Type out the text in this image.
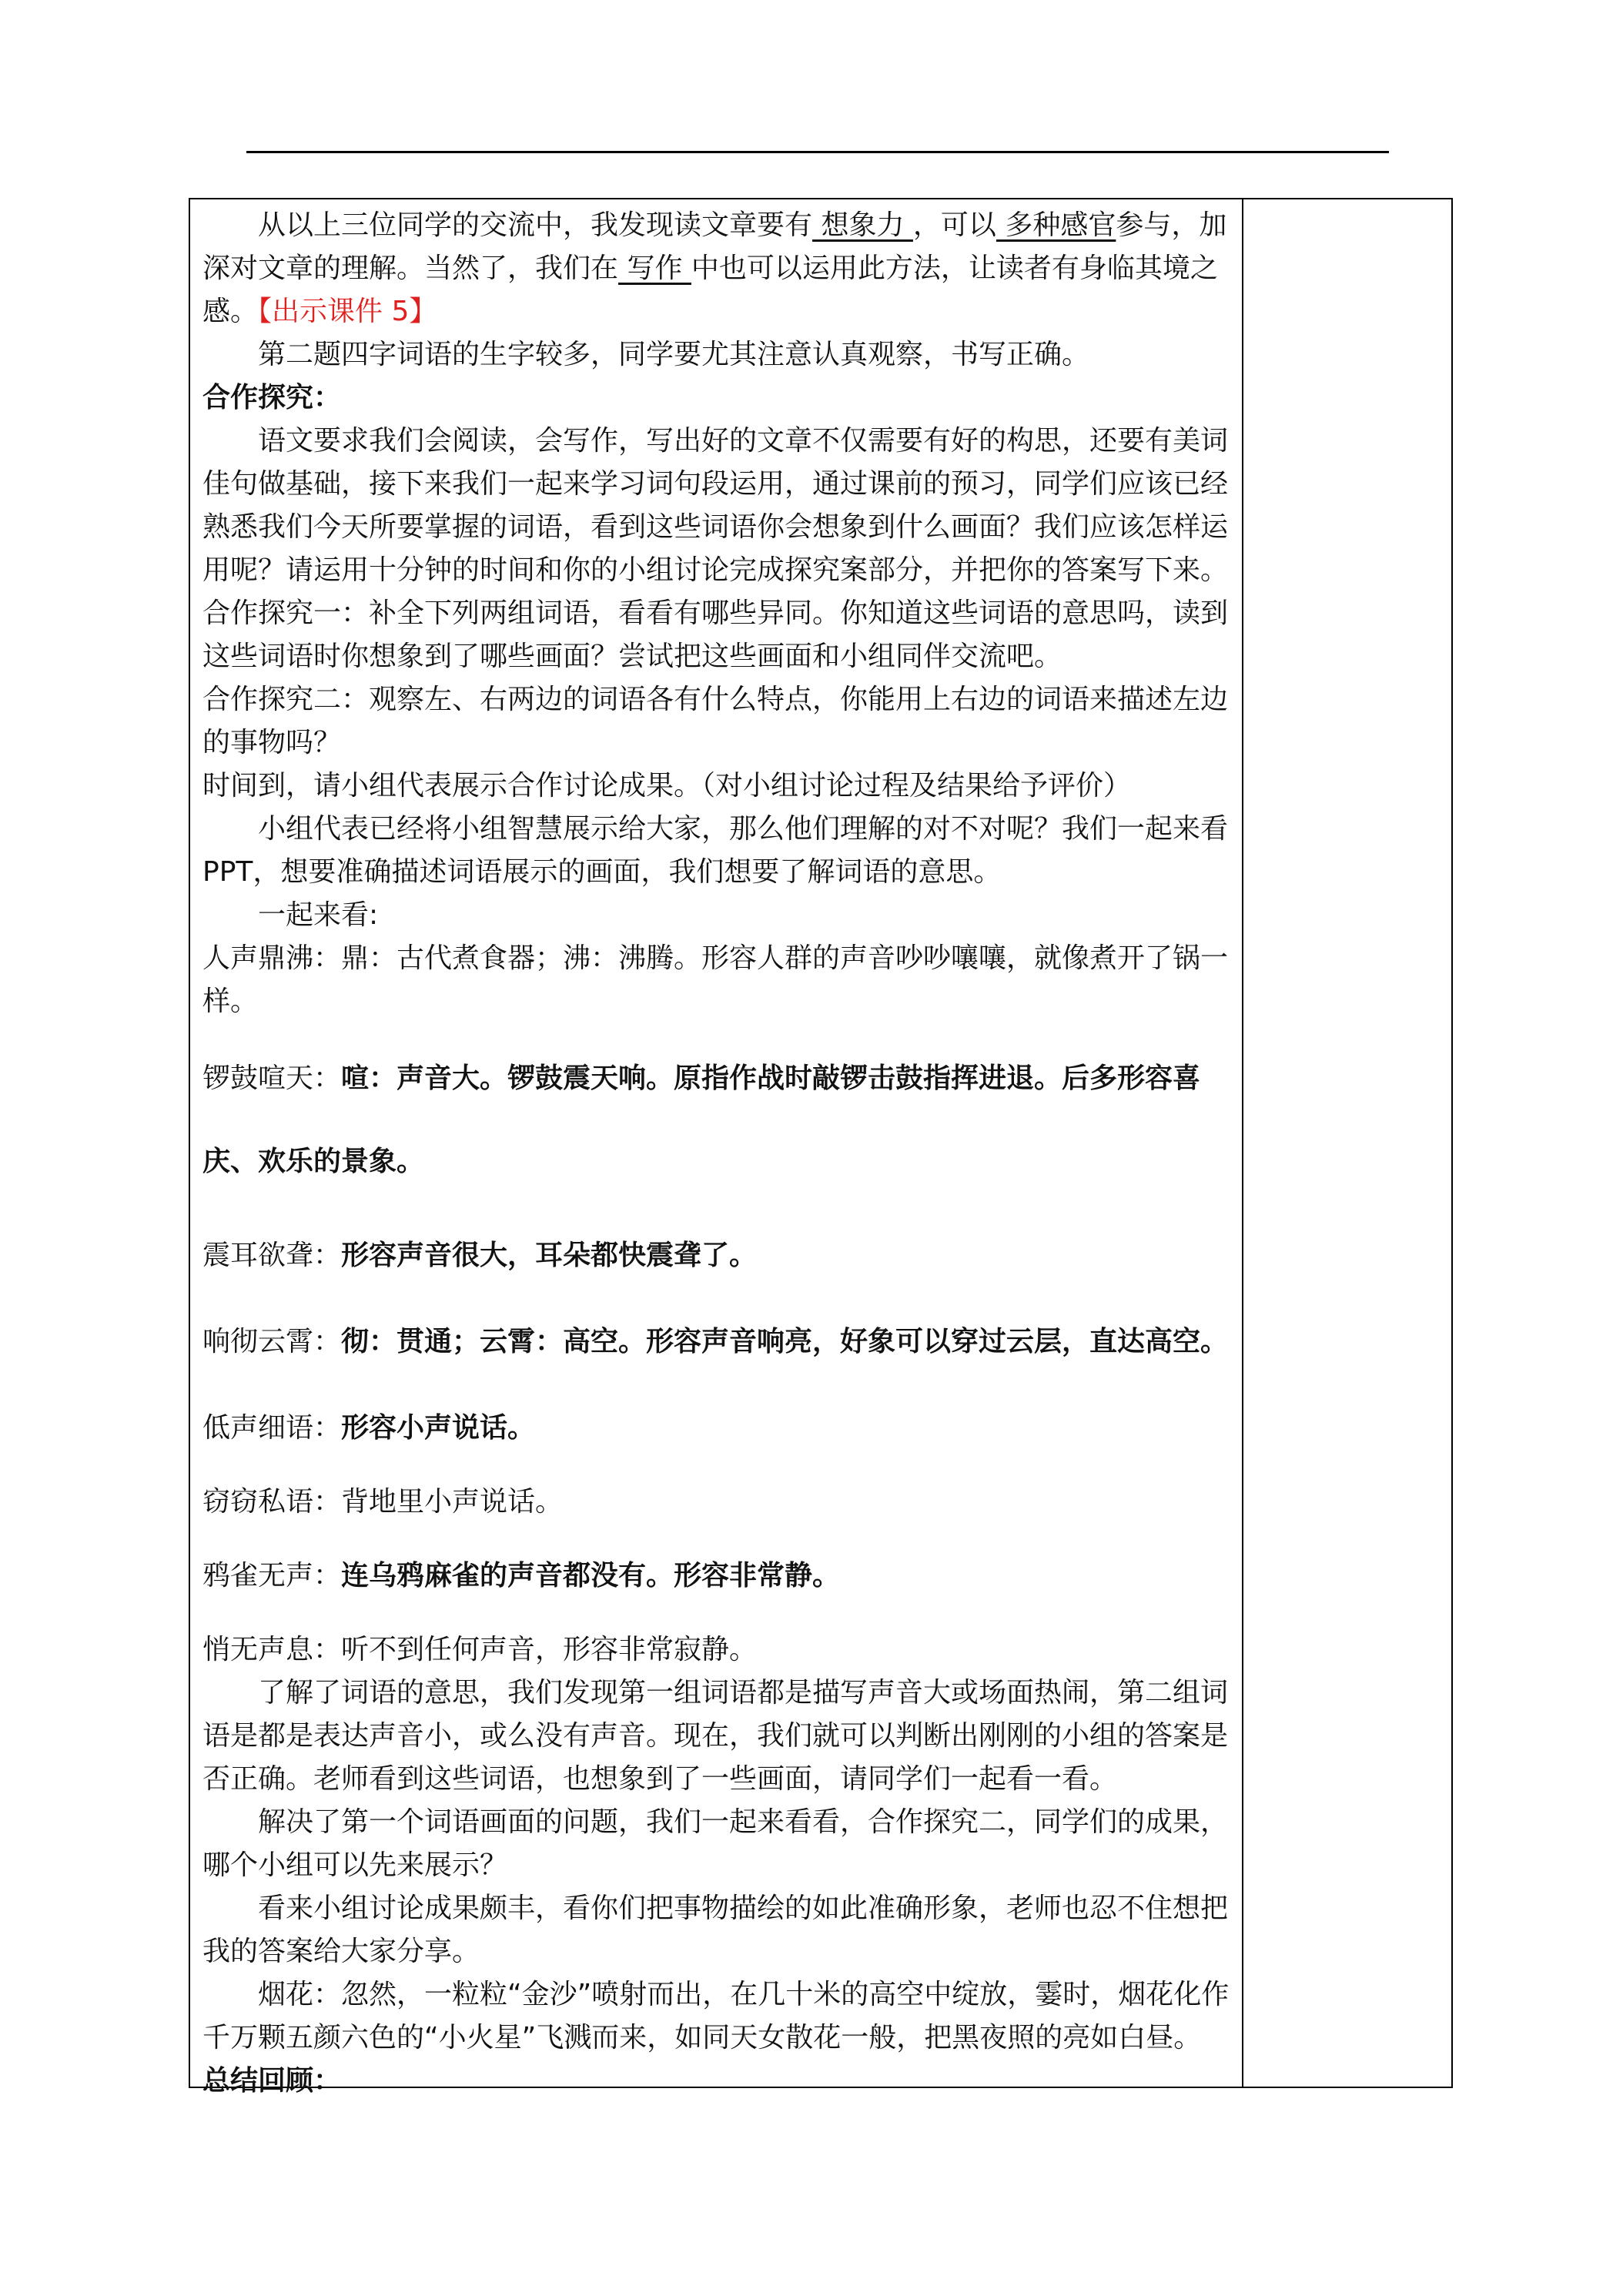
从以上三位同学的交流中，我发现读文章要有 想象力 ，可以 多种感官参与，加深对文章的理解。当然了，我们在 写作 中也可以运用此方法，让读者有身临其境之感。【出示课件 5】

第二题四字词语的生字较多，同学要尤其注意认真观察，书写正确。

合作探究：

语文要求我们会阅读，会写作，写出好的文章不仅需要有好的构思，还要有美词佳句做基础，接下来我们一起来学习词句段运用，通过课前的预习，同学们应该已经熟悉我们今天所要掌握的词语，看到这些词语你会想象到什么画面？我们应该怎样运用呢？请运用十分钟的时间和你的小组讨论完成探究案部分，并把你的答案写下来。

合作探究一：补全下列两组词语，看看有哪些异同。你知道这些词语的意思吗，读到这些词语时你想象到了哪些画面？尝试把这些画面和小组同伴交流吧。

合作探究二：观察左、右两边的词语各有什么特点，你能用上右边的词语来描述左边的事物吗？

时间到，请小组代表展示合作讨论成果。（对小组讨论过程及结果给予评价）

小组代表已经将小组智慧展示给大家，那么他们理解的对不对呢？我们一起来看 PPT，想要准确描述词语展示的画面，我们想要了解词语的意思。

一起来看:

人声鼎沸：鼎：古代煮食器；沸：沸腾。形容人群的声音吵吵嚷嚷，就像煮开了锅一样。

锣鼓喧天：喧：声音大。锣鼓震天响。原指作战时敲锣击鼓指挥进退。后多形容喜庆、欢乐的景象。

震耳欲聋：形容声音很大，耳朵都快震聋了。

响彻云霄：彻：贯通；云霄：高空。形容声音响亮，好象可以穿过云层，直达高空。

低声细语：形容小声说话。

窃窃私语：背地里小声说话。

鸦雀无声：连乌鸦麻雀的声音都没有。形容非常静。

悄无声息：听不到任何声音，形容非常寂静。

了解了词语的意思，我们发现第一组词语都是描写声音大或场面热闹，第二组词语是都是表达声音小，或么没有声音。现在，我们就可以判断出刚刚的小组的答案是否正确。老师看到这些词语，也想象到了一些画面，请同学们一起看一看。

解决了第一个词语画面的问题，我们一起来看看，合作探究二，同学们的成果，哪个小组可以先来展示？

看来小组讨论成果颇丰，看你们把事物描绘的如此准确形象，老师也忍不住想把我的答案给大家分享。

烟花：忽然，一粒粒“金沙”喷射而出，在几十米的高空中绽放，霎时，烟花化作千万颗五颜六色的“小火星”飞溅而来，如同天女散花一般，把黑夜照的亮如白昼。

总结回顾：
